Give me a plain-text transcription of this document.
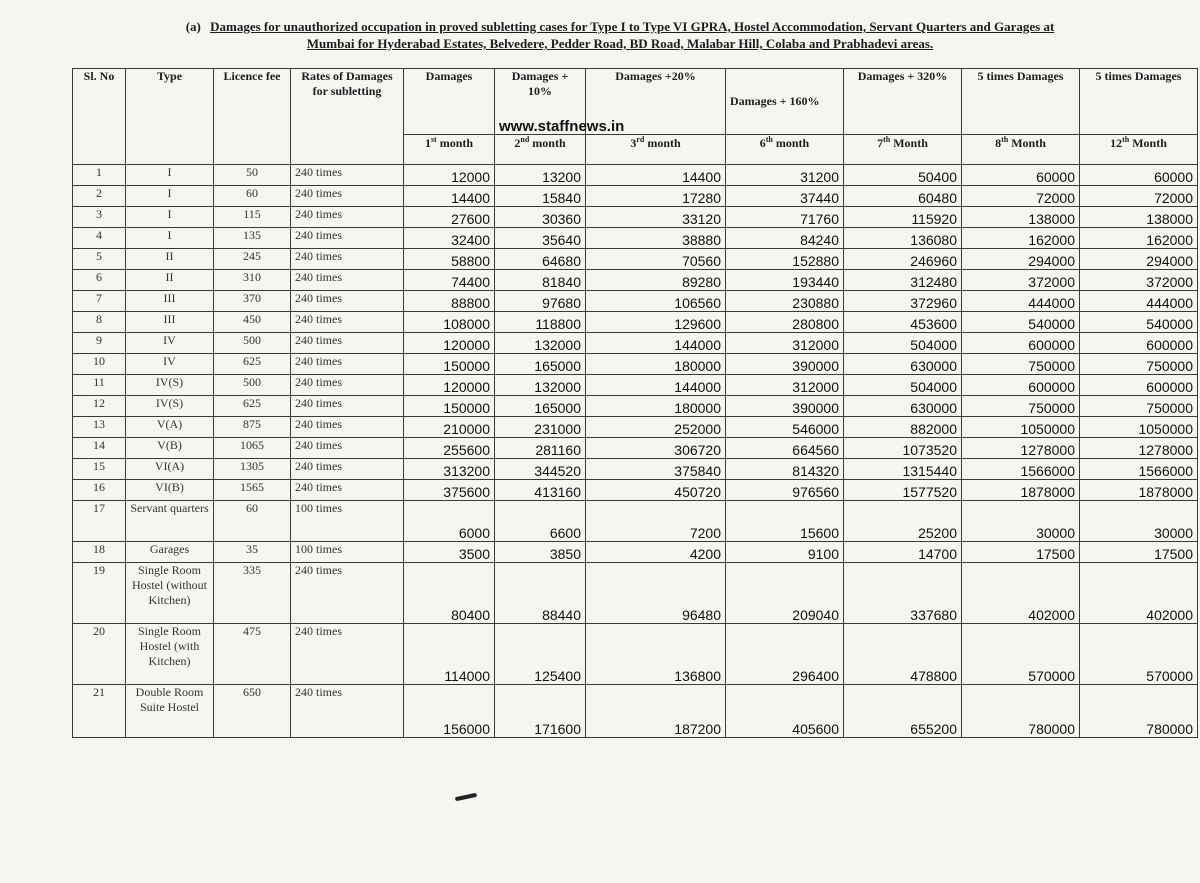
(a) Damages for unauthorized occupation in proved subletting cases for Type I to Type VI GPRA, Hostel Accommodation, Servant Quarters and Garages at
Mumbai for Hyderabad Estates, Belvedere, Pedder Road, BD Road, Malabar Hill, Colaba and Prabhadevi areas.
Sl. No	Type	Licence fee	Rates of Damages for subletting	Damages	Damages + 10%
www.staffnews.in	Damages +20%	Damages + 160%	Damages + 320%	5 times Damages	5 times Damages
				1st month	2nd month	3rd month	6th month	7th Month	8th Month	12th Month
1	I	50	240 times	12000	13200	14400	31200	50400	60000	60000
2	I	60	240 times	14400	15840	17280	37440	60480	72000	72000
3	I	115	240 times	27600	30360	33120	71760	115920	138000	138000
4	I	135	240 times	32400	35640	38880	84240	136080	162000	162000
5	II	245	240 times	58800	64680	70560	152880	246960	294000	294000
6	II	310	240 times	74400	81840	89280	193440	312480	372000	372000
7	III	370	240 times	88800	97680	106560	230880	372960	444000	444000
8	III	450	240 times	108000	118800	129600	280800	453600	540000	540000
9	IV	500	240 times	120000	132000	144000	312000	504000	600000	600000
10	IV	625	240 times	150000	165000	180000	390000	630000	750000	750000
11	IV(S)	500	240 times	120000	132000	144000	312000	504000	600000	600000
12	IV(S)	625	240 times	150000	165000	180000	390000	630000	750000	750000
13	V(A)	875	240 times	210000	231000	252000	546000	882000	1050000	1050000
14	V(B)	1065	240 times	255600	281160	306720	664560	1073520	1278000	1278000
15	VI(A)	1305	240 times	313200	344520	375840	814320	1315440	1566000	1566000
16	VI(B)	1565	240 times	375600	413160	450720	976560	1577520	1878000	1878000
17	Servant quarters	60	100 times	6000	6600	7200	15600	25200	30000	30000
18	Garages	35	100 times	3500	3850	4200	9100	14700	17500	17500
19	Single Room Hostel (without Kitchen)	335	240 times	80400	88440	96480	209040	337680	402000	402000
20	Single Room Hostel (with Kitchen)	475	240 times	114000	125400	136800	296400	478800	570000	570000
21	Double Room Suite Hostel	650	240 times	156000	171600	187200	405600	655200	780000	780000
